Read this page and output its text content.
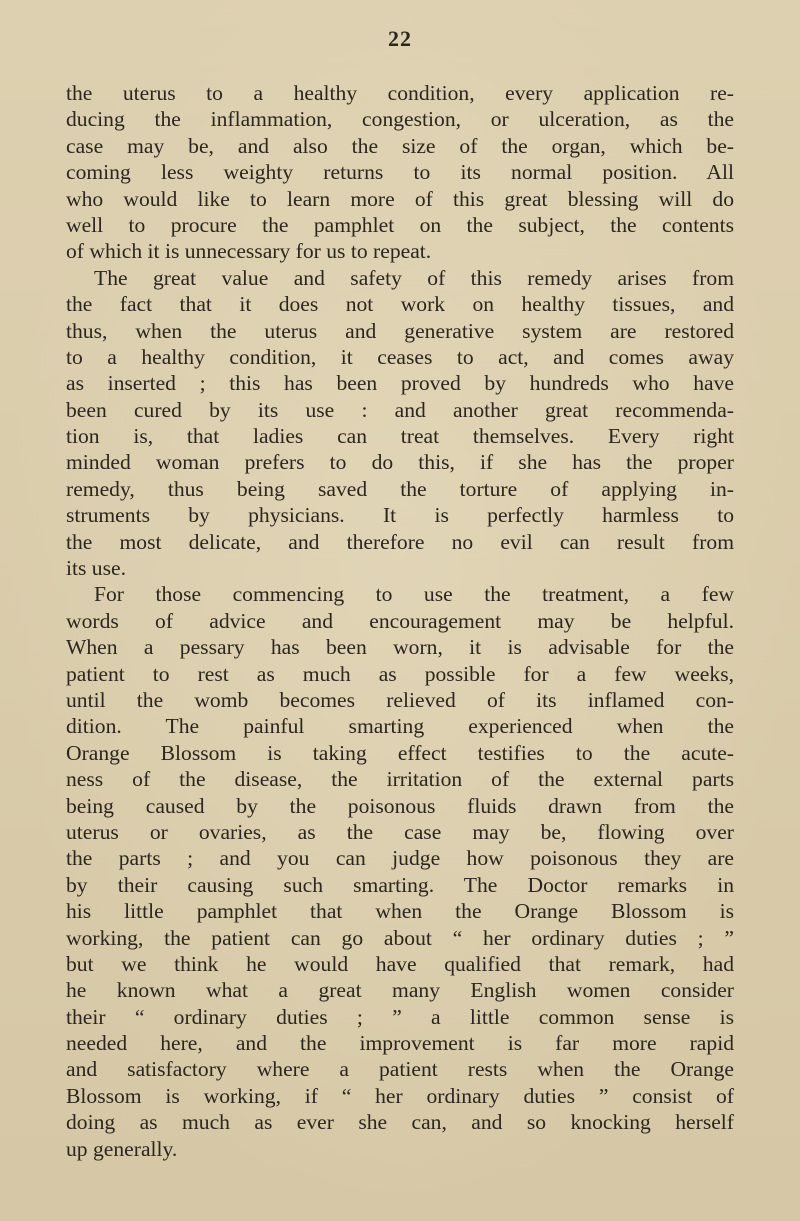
22
the uterus to a healthy condition, every application re-
ducing the inflammation, congestion, or ulceration, as the
case may be, and also the size of the organ, which be-
coming less weighty returns to its normal position. All
who would like to learn more of this great blessing will do
well to procure the pamphlet on the subject, the contents
of which it is unnecessary for us to repeat.
The great value and safety of this remedy arises from
the fact that it does not work on healthy tissues, and
thus, when the uterus and generative system are restored
to a healthy condition, it ceases to act, and comes away
as inserted ; this has been proved by hundreds who have
been cured by its use : and another great recommenda-
tion is, that ladies can treat themselves. Every right
minded woman prefers to do this, if she has the proper
remedy, thus being saved the torture of applying in-
struments by physicians. It is perfectly harmless to
the most delicate, and therefore no evil can result from
its use.
For those commencing to use the treatment, a few
words of advice and encouragement may be helpful.
When a pessary has been worn, it is advisable for the
patient to rest as much as possible for a few weeks,
until the womb becomes relieved of its inflamed con-
dition. The painful smarting experienced when the
Orange Blossom is taking effect testifies to the acute-
ness of the disease, the irritation of the external parts
being caused by the poisonous fluids drawn from the
uterus or ovaries, as the case may be, flowing over
the parts ; and you can judge how poisonous they are
by their causing such smarting. The Doctor remarks in
his little pamphlet that when the Orange Blossom is
working, the patient can go about “ her ordinary duties ; ”
but we think he would have qualified that remark, had
he known what a great many English women consider
their “ ordinary duties ; ” a little common sense is
needed here, and the improvement is far more rapid
and satisfactory where a patient rests when the Orange
Blossom is working, if “ her ordinary duties ” consist of
doing as much as ever she can, and so knocking herself
up generally.
